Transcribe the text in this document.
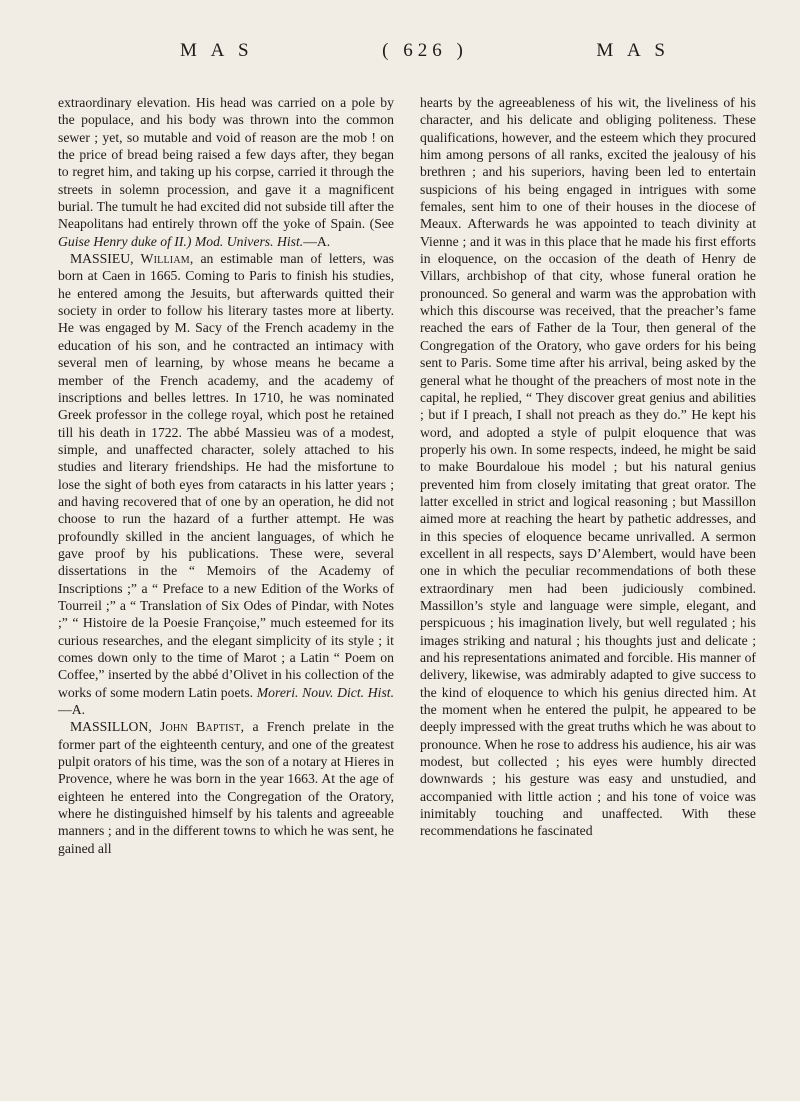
M A S	( 626 )	M A S

extraordinary elevation. His head was carried on a pole by the populace, and his body was thrown into the common sewer ; yet, so mutable and void of reason are the mob ! on the price of bread being raised a few days after, they began to regret him, and taking up his corpse, carried it through the streets in solemn procession, and gave it a magnificent burial. The tumult he had excited did not subside till after the Neapolitans had entirely thrown off the yoke of Spain. (See Guise Henry duke of II.) Mod. Univers. Hist.—A.

MASSIEU, William, an estimable man of letters, was born at Caen in 1665. Coming to Paris to finish his studies, he entered among the Jesuits, but afterwards quitted their society in order to follow his literary tastes more at liberty. He was engaged by M. Sacy of the French academy in the education of his son, and he contracted an intimacy with several men of learning, by whose means he became a member of the French academy, and the academy of inscriptions and belles lettres. In 1710, he was nominated Greek professor in the college royal, which post he retained till his death in 1722. The abbé Massieu was of a modest, simple, and unaffected character, solely attached to his studies and literary friendships. He had the misfortune to lose the sight of both eyes from cataracts in his latter years ; and having recovered that of one by an operation, he did not choose to run the hazard of a further attempt. He was profoundly skilled in the ancient languages, of which he gave proof by his publications. These were, several dissertations in the “ Memoirs of the Academy of Inscriptions ;” a “ Preface to a new Edition of the Works of Tourreil ;” a “ Translation of Six Odes of Pindar, with Notes ;” “ Histoire de la Poesie Françoise,” much esteemed for its curious researches, and the elegant simplicity of its style ; it comes down only to the time of Marot ; a Latin “ Poem on Coffee,” inserted by the abbé d’Olivet in his collection of the works of some modern Latin poets. Moreri. Nouv. Dict. Hist.—A.

MASSILLON, John Baptist, a French prelate in the former part of the eighteenth century, and one of the greatest pulpit orators of his time, was the son of a notary at Hieres in Provence, where he was born in the year 1663. At the age of eighteen he entered into the Congregation of the Oratory, where he distinguished himself by his talents and agreeable manners ; and in the different towns to which he was sent, he gained all

hearts by the agreeableness of his wit, the liveliness of his character, and his delicate and obliging politeness. These qualifications, however, and the esteem which they procured him among persons of all ranks, excited the jealousy of his brethren ; and his superiors, having been led to entertain suspicions of his being engaged in intrigues with some females, sent him to one of their houses in the diocese of Meaux. Afterwards he was appointed to teach divinity at Vienne ; and it was in this place that he made his first efforts in eloquence, on the occasion of the death of Henry de Villars, archbishop of that city, whose funeral oration he pronounced. So general and warm was the approbation with which this discourse was received, that the preacher’s fame reached the ears of Father de la Tour, then general of the Congregation of the Oratory, who gave orders for his being sent to Paris. Some time after his arrival, being asked by the general what he thought of the preachers of most note in the capital, he replied, “ They discover great genius and abilities ; but if I preach, I shall not preach as they do.” He kept his word, and adopted a style of pulpit eloquence that was properly his own. In some respects, indeed, he might be said to make Bourdaloue his model ; but his natural genius prevented him from closely imitating that great orator. The latter excelled in strict and logical reasoning ; but Massillon aimed more at reaching the heart by pathetic addresses, and in this species of eloquence became unrivalled. A sermon excellent in all respects, says D’Alembert, would have been one in which the peculiar recommendations of both these extraordinary men had been judiciously combined. Massillon’s style and language were simple, elegant, and perspicuous ; his imagination lively, but well regulated ; his images striking and natural ; his thoughts just and delicate ; and his representations animated and forcible. His manner of delivery, likewise, was admirably adapted to give success to the kind of eloquence to which his genius directed him. At the moment when he entered the pulpit, he appeared to be deeply impressed with the great truths which he was about to pronounce. When he rose to address his audience, his air was modest, but collected ; his eyes were humbly directed downwards ; his gesture was easy and unstudied, and accompanied with little action ; and his tone of voice was inimitably touching and unaffected. With these recommendations he fascinated
